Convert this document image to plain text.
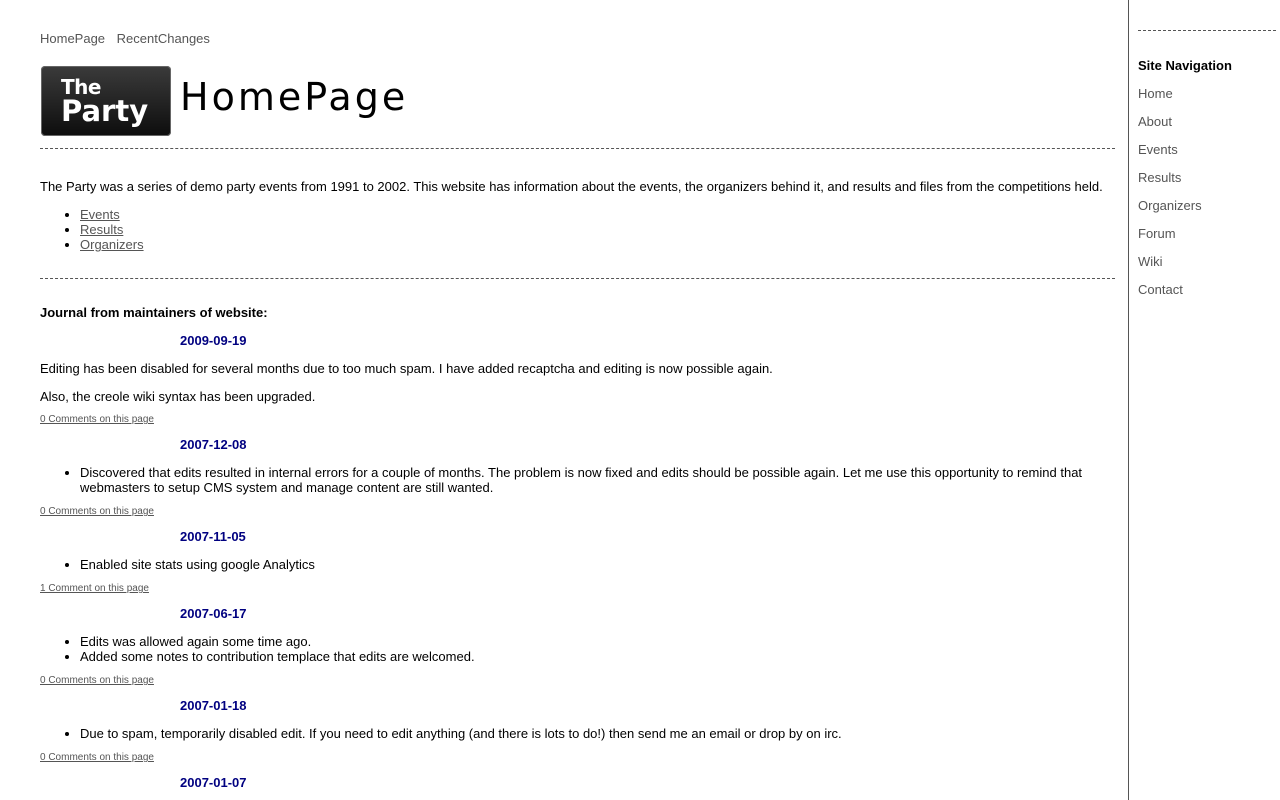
HomePage RecentChanges
The
Party HomePage

The Party was a series of demo party events from 1991 to 2002. This website has information about the events, the organizers behind it, and results and files from the competitions held.

• Events
• Results
• Organizers
Journal from maintainers of website:
2009-09-19

Editing has been disabled for several months due to too much spam. I have added recaptcha and editing is now possible again.

Also, the creole wiki syntax has been upgraded.

0 Comments on this page
2007-12-08
• Discovered that edits resulted in internal errors for a couple of months. The problem is now fixed and edits should be possible again. Let me use this opportunity to remind that webmasters to setup CMS system and manage content are still wanted.
0 Comments on this page
2007-11-05
• Enabled site stats using google Analytics
1 Comment on this page
2007-06-17
• Edits was allowed again some time ago.
• Added some notes to contribution templace that edits are welcomed.
0 Comments on this page
2007-01-18
• Due to spam, temporarily disabled edit. If you need to edit anything (and there is lots to do!) then send me an email or drop by on irc.
0 Comments on this page
2007-01-07
Site Navigation
Home
About
Events
Results
Organizers
Forum
Wiki
Contact
